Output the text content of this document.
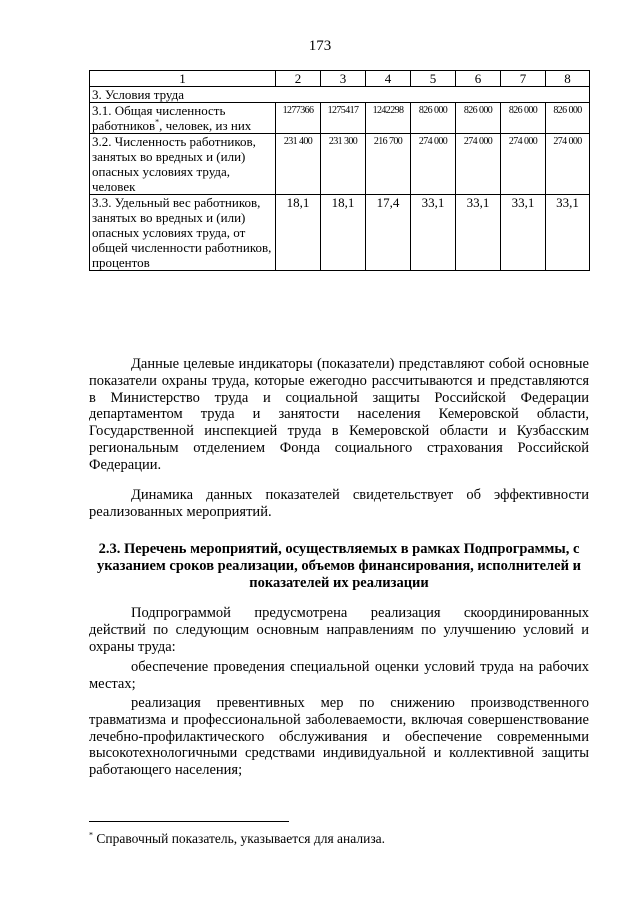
173
1	2	3	4	5	6	7	8
3. Условия труда							
3.1. Общая численность работников*, человек, из них	1277366	1275417	1242298	826 000	826 000	826 000	826 000
3.2. Численность работников, занятых во вредных и (или) опасных условиях труда, человек	231 400	231 300	216 700	274 000	274 000	274 000	274 000
3.3. Удельный вес работников, занятых во вредных и (или) опасных условиях труда, от общей численности работников, процентов	18,1	18,1	17,4	33,1	33,1	33,1	33,1
Данные целевые индикаторы (показатели) представляют собой основные показатели охраны труда, которые ежегодно рассчитываются и представляются в Министерство труда и социальной защиты Российской Федерации департаментом труда и занятости населения Кемеровской области, Государственной инспекцией труда в Кемеровской области и Кузбасским региональным отделением Фонда социального страхования Российской Федерации.
Динамика данных показателей свидетельствует об эффективности реализованных мероприятий.
2.3. Перечень мероприятий, осуществляемых в рамках Подпрограммы, с указанием сроков реализации, объемов финансирования, исполнителей и показателей их реализации
Подпрограммой предусмотрена реализация скоординированных действий по следующим основным направлениям по улучшению условий и охраны труда:
обеспечение проведения специальной оценки условий труда на рабочих местах;
реализация превентивных мер по снижению производственного травматизма и профессиональной заболеваемости, включая совершенствование лечебно-профилактического обслуживания и обеспечение современными высокотехнологичными средствами индивидуальной и коллективной защиты работающего населения;
* Справочный показатель, указывается для анализа.
